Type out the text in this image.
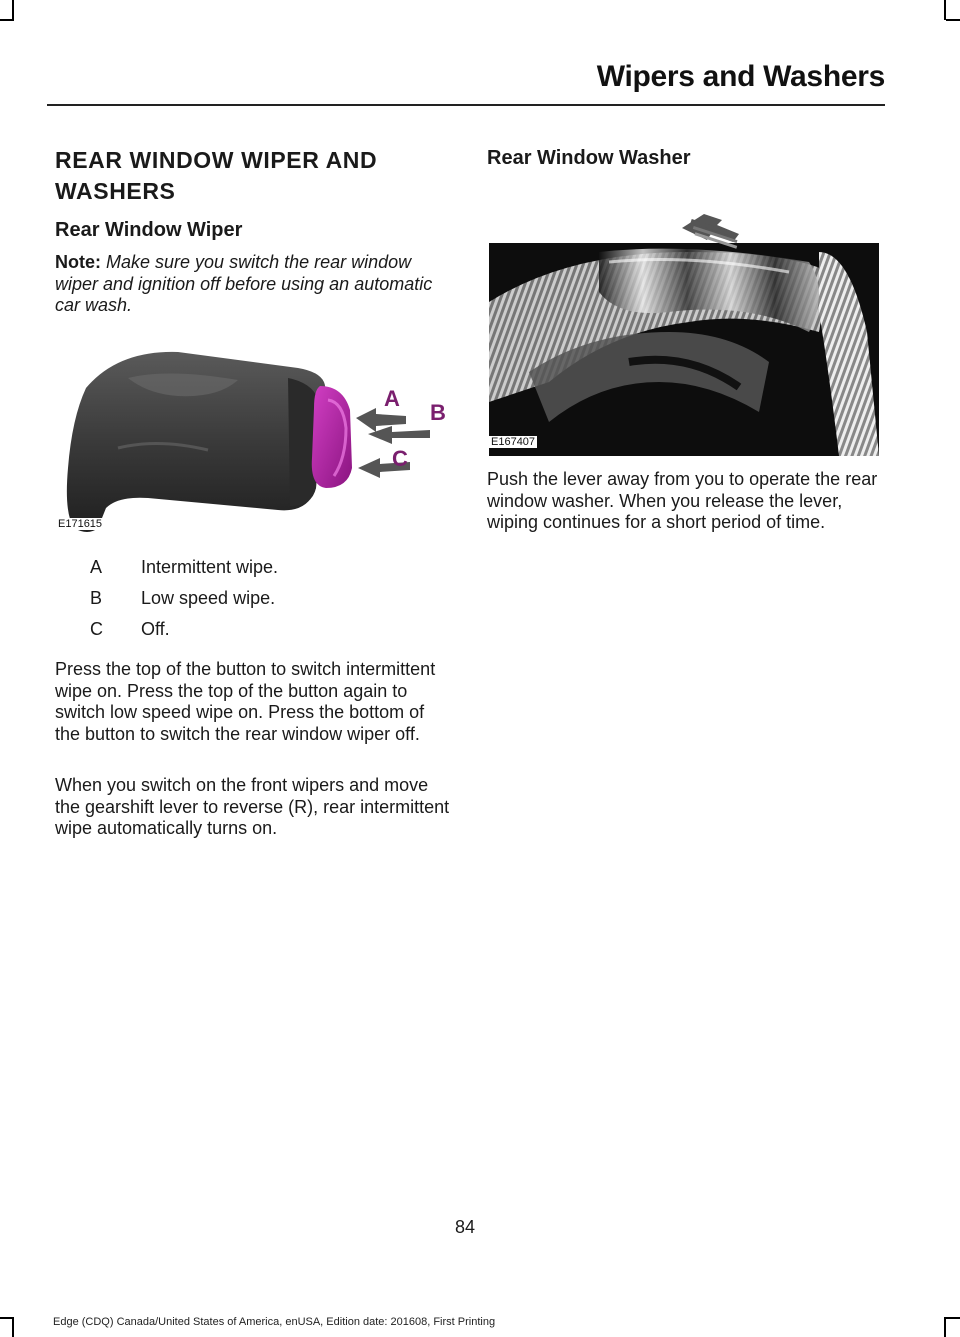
Wipers and Washers
REAR WINDOW WIPER AND WASHERS
Rear Window Wiper

Note: Make sure you switch the rear window wiper and ignition off before using an automatic car wash.

A
B
C
E171615
A Intermittent wipe.
B Low speed wipe.
C Off.

Press the top of the button to switch intermittent wipe on. Press the top of the button again to switch low speed wipe on. Press the bottom of the button to switch the rear window wiper off.

When you switch on the front wipers and move the gearshift lever to reverse (R), rear intermittent wipe automatically turns on.

Rear Window Washer
E167407

Push the lever away from you to operate the rear window washer. When you release the lever, wiping continues for a short period of time.

84
Edge (CDQ) Canada/United States of America, enUSA, Edition date: 201608, First Printing
